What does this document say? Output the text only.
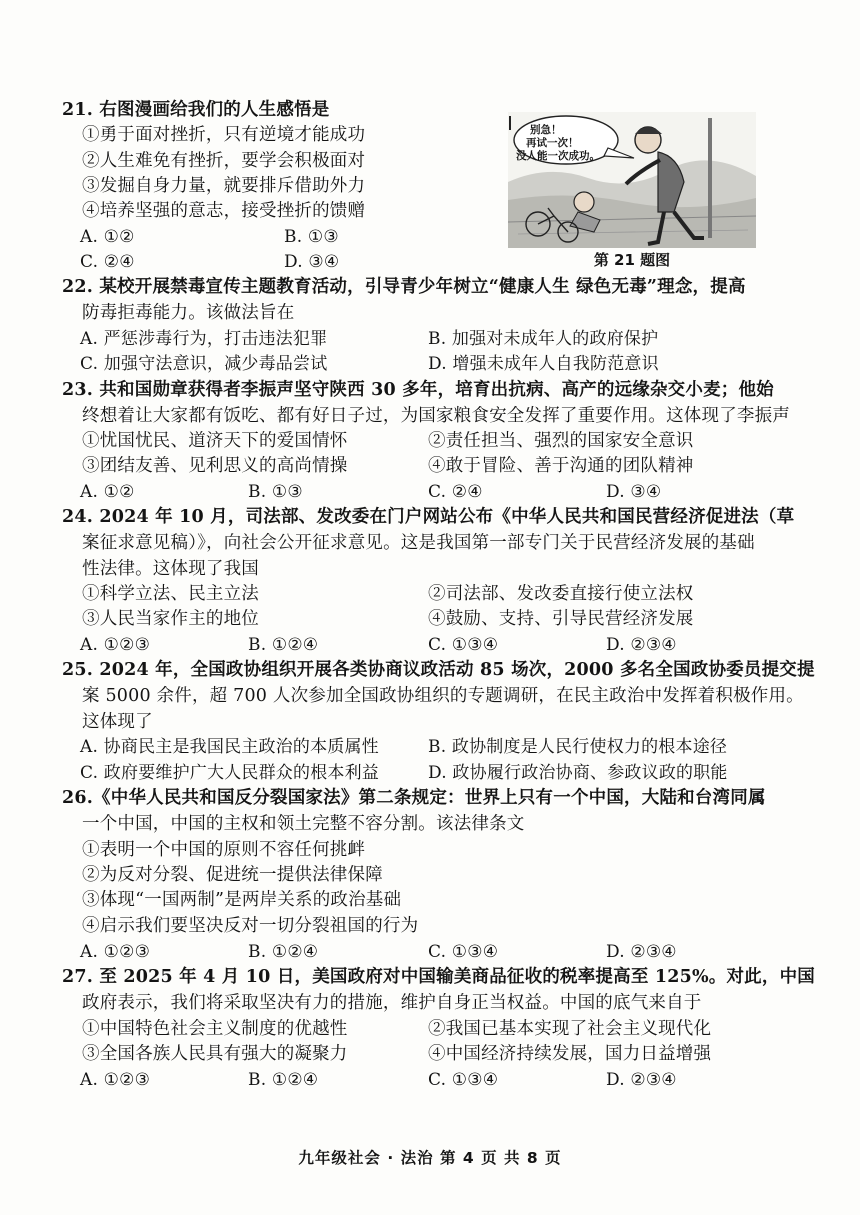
21. 右图漫画给我们的人生感悟是
①勇于面对挫折，只有逆境才能成功
②人生难免有挫折，要学会积极面对
③发掘自身力量，就要排斥借助外力
④培养坚强的意志，接受挫折的馈赠
A. ①②	B. ①③
C. ②④	D. ③④
别急！
再试一次！
没人能一次成功。
第 21 题图
22. 某校开展禁毒宣传主题教育活动，引导青少年树立“健康人生 绿色无毒”理念，提高
防毒拒毒能力。该做法旨在
A. 严惩涉毒行为，打击违法犯罪	B. 加强对未成年人的政府保护
C. 加强守法意识，减少毒品尝试	D. 增强未成年人自我防范意识
23. 共和国勋章获得者李振声坚守陕西 30 多年，培育出抗病、高产的远缘杂交小麦；他始
终想着让大家都有饭吃、都有好日子过，为国家粮食安全发挥了重要作用。这体现了李振声
①忧国忧民、道济天下的爱国情怀	②责任担当、强烈的国家安全意识
③团结友善、见利思义的高尚情操	④敢于冒险、善于沟通的团队精神
A. ①②	B. ①③	C. ②④	D. ③④
24. 2024 年 10 月，司法部、发改委在门户网站公布《中华人民共和国民营经济促进法（草
案征求意见稿）》，向社会公开征求意见。这是我国第一部专门关于民营经济发展的基础
性法律。这体现了我国
①科学立法、民主立法	②司法部、发改委直接行使立法权
③人民当家作主的地位	④鼓励、支持、引导民营经济发展
A. ①②③	B. ①②④	C. ①③④	D. ②③④
25. 2024 年，全国政协组织开展各类协商议政活动 85 场次，2000 多名全国政协委员提交提
案 5000 余件，超 700 人次参加全国政协组织的专题调研，在民主政治中发挥着积极作用。
这体现了
A. 协商民主是我国民主政治的本质属性	B. 政协制度是人民行使权力的根本途径
C. 政府要维护广大人民群众的根本利益	D. 政协履行政治协商、参政议政的职能
26.《中华人民共和国反分裂国家法》第二条规定：世界上只有一个中国，大陆和台湾同属
一个中国，中国的主权和领土完整不容分割。该法律条文
①表明一个中国的原则不容任何挑衅
②为反对分裂、促进统一提供法律保障
③体现“一国两制”是两岸关系的政治基础
④启示我们要坚决反对一切分裂祖国的行为
A. ①②③	B. ①②④	C. ①③④	D. ②③④
27. 至 2025 年 4 月 10 日，美国政府对中国输美商品征收的税率提高至 125%。对此，中国
政府表示，我们将采取坚决有力的措施，维护自身正当权益。中国的底气来自于
①中国特色社会主义制度的优越性	②我国已基本实现了社会主义现代化
③全国各族人民具有强大的凝聚力	④中国经济持续发展，国力日益增强
A. ①②③	B. ①②④	C. ①③④	D. ②③④
九年级社会 · 法治 第 4 页 共 8 页
